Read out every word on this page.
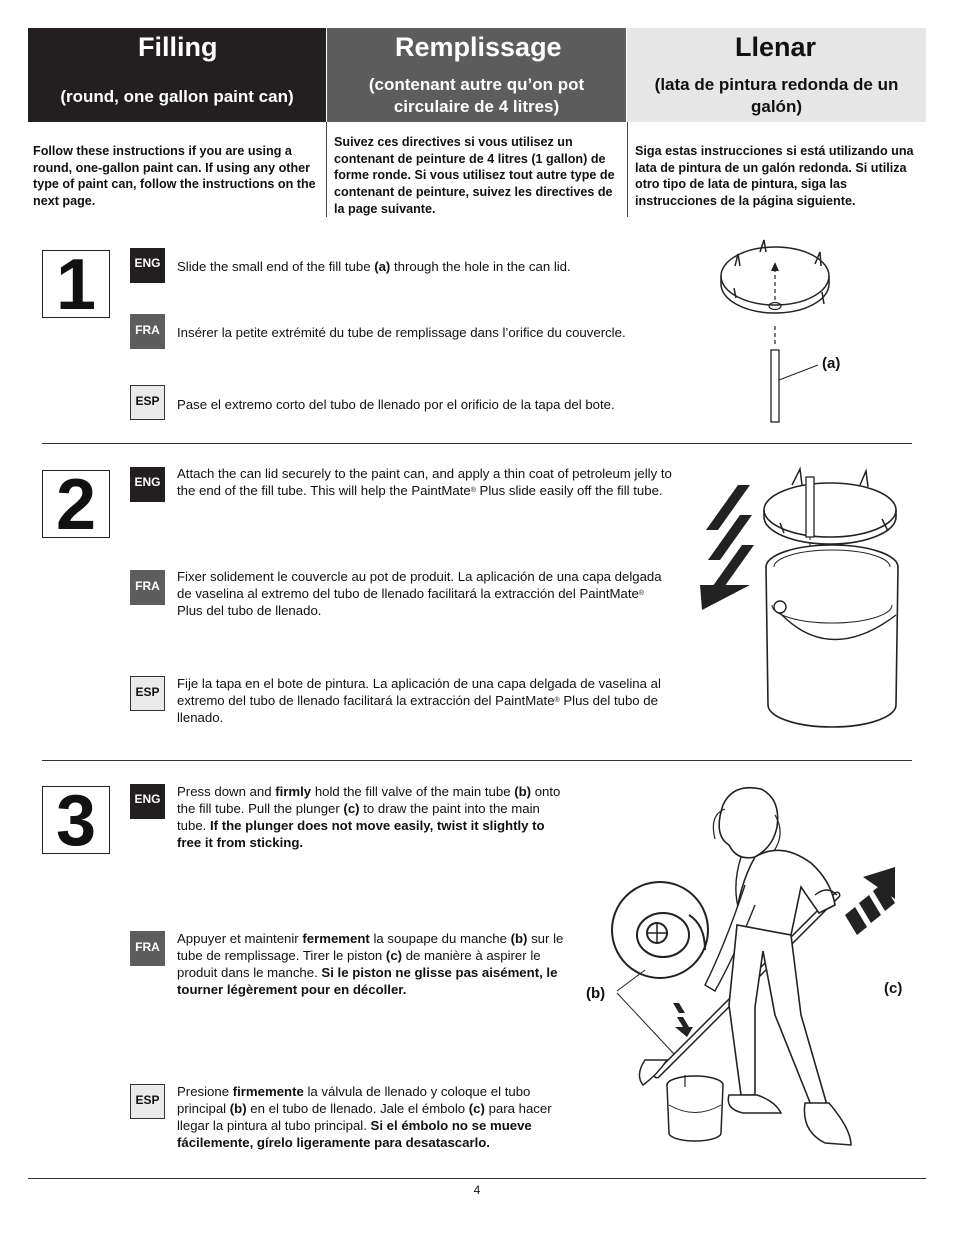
Filling
(round, one gallon paint can)
Remplissage
(contenant autre qu’on pot circulaire de 4 litres)
Llenar
(lata de pintura redonda de un galón)
Follow these instructions if you are using a round, one-gallon paint can. If using any other type of paint can, follow the instructions on the next page.
Suivez ces directives si vous utilisez un contenant de peinture de 4 litres (1 gallon) de forme ronde. Si vous utilisez tout autre type de contenant de peinture, suivez les directives de la page suivante.
Siga estas instrucciones si está utilizando una lata de pintura de un galón redonda. Si utiliza otro tipo de lata de pintura, siga las instrucciones de la página siguiente.
1	ENG	Slide the small end of the fill tube (a) through the hole in the can lid.
FRA	Insérer la petite extrémité du tube de remplissage dans l’orifice du couvercle.
ESP	Pase el extremo corto del tubo de llenado por el orificio de la tapa del bote.
(a)
2	ENG
Attach the can lid securely to the paint can, and apply a thin coat of petroleum jelly to the end of the fill tube. This will help the PaintMate® Plus slide easily off the fill tube.
FRA
Fixer solidement le couvercle au pot de produit. La aplicación de una capa delgada de vaselina al extremo del tubo de llenado facilitará la extracción del PaintMate® Plus del tubo de llenado.
ESP
Fije la tapa en el bote de pintura. La aplicación de una capa delgada de vaselina al extremo del tubo de llenado facilitará la extracción del PaintMate® Plus del tubo de llenado.
3	ENG	Press down and firmly hold the fill valve of the main tube (b) onto the fill tube. Pull the plunger (c) to draw the paint into the main tube. If the plunger does not move easily, twist it slightly to free it from sticking.
FRA
Appuyer et maintenir fermement la soupape du manche (b) sur le tube de remplissage. Tirer le piston (c) de manière à aspirer le produit dans le manche. Si le piston ne glisse pas aisément, le tourner légèrement pour en décoller.
ESP
Presione firmemente la válvula de llenado y coloque el tubo principal (b) en el tubo de llenado. Jale el émbolo (c) para hacer llegar la pintura al tubo principal. Si el émbolo no se mueve fácilemente, gírelo ligeramente para desatascarlo.
(b)	(c)
4
